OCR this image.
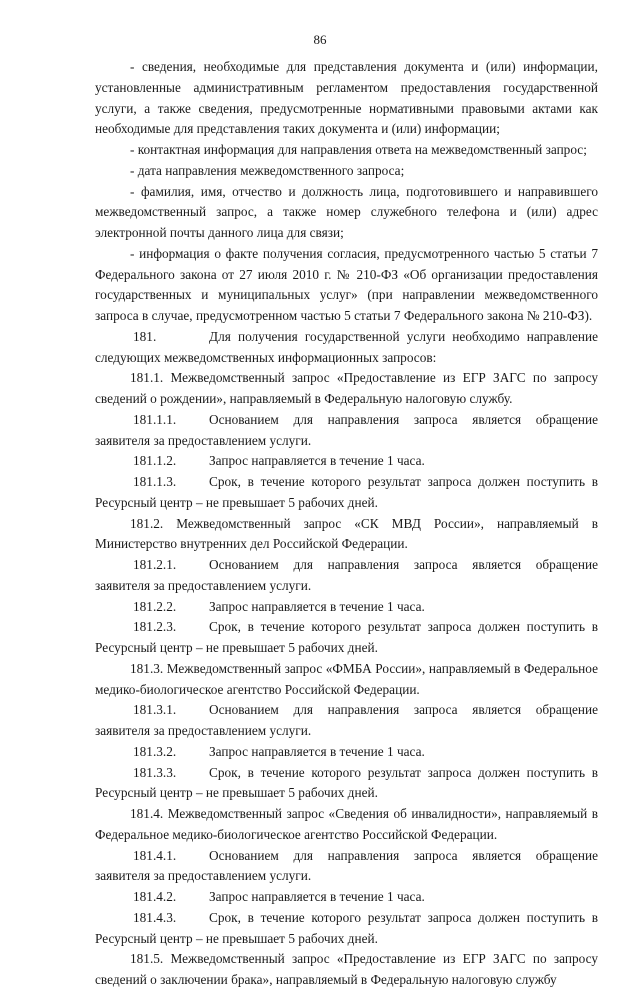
86

- сведения, необходимые для представления документа и (или) информации, установленные административным регламентом предоставления государственной услуги, а также сведения, предусмотренные нормативными правовыми актами как необходимые для представления таких документа и (или) информации;

- контактная информация для направления ответа на межведомственный запрос;

- дата направления межведомственного запроса;

- фамилия, имя, отчество и должность лица, подготовившего и направившего межведомственный запрос, а также номер служебного телефона и (или) адрес электронной почты данного лица для связи;

- информация о факте получения согласия, предусмотренного частью 5 статьи 7 Федерального закона от 27 июля 2010 г. № 210-ФЗ «Об организации предоставления государственных и муниципальных услуг» (при направлении межведомственного запроса в случае, предусмотренном частью 5 статьи 7 Федерального закона № 210-ФЗ).

181.	Для получения государственной услуги необходимо направление следующих межведомственных информационных запросов:

181.1. Межведомственный запрос «Предоставление из ЕГР ЗАГС по запросу сведений о рождении», направляемый в Федеральную налоговую службу.

181.1.1. Основанием для направления запроса является обращение заявителя за предоставлением услуги.

181.1.2. Запрос направляется в течение 1 часа.

181.1.3. Срок, в течение которого результат запроса должен поступить в Ресурсный центр – не превышает 5 рабочих дней.

181.2. Межведомственный запрос «СК МВД России», направляемый в Министерство внутренних дел Российской Федерации.

181.2.1. Основанием для направления запроса является обращение заявителя за предоставлением услуги.

181.2.2. Запрос направляется в течение 1 часа.

181.2.3. Срок, в течение которого результат запроса должен поступить в Ресурсный центр – не превышает 5 рабочих дней.

181.3. Межведомственный запрос «ФМБА России», направляемый в Федеральное медико-биологическое агентство Российской Федерации.

181.3.1. Основанием для направления запроса является обращение заявителя за предоставлением услуги.

181.3.2. Запрос направляется в течение 1 часа.

181.3.3. Срок, в течение которого результат запроса должен поступить в Ресурсный центр – не превышает 5 рабочих дней.

181.4. Межведомственный запрос «Сведения об инвалидности», направляемый в Федеральное медико-биологическое агентство Российской Федерации.

181.4.1. Основанием для направления запроса является обращение заявителя за предоставлением услуги.

181.4.2. Запрос направляется в течение 1 часа.

181.4.3. Срок, в течение которого результат запроса должен поступить в Ресурсный центр – не превышает 5 рабочих дней.

181.5. Межведомственный запрос «Предоставление из ЕГР ЗАГС по запросу сведений о заключении брака», направляемый в Федеральную налоговую службу
